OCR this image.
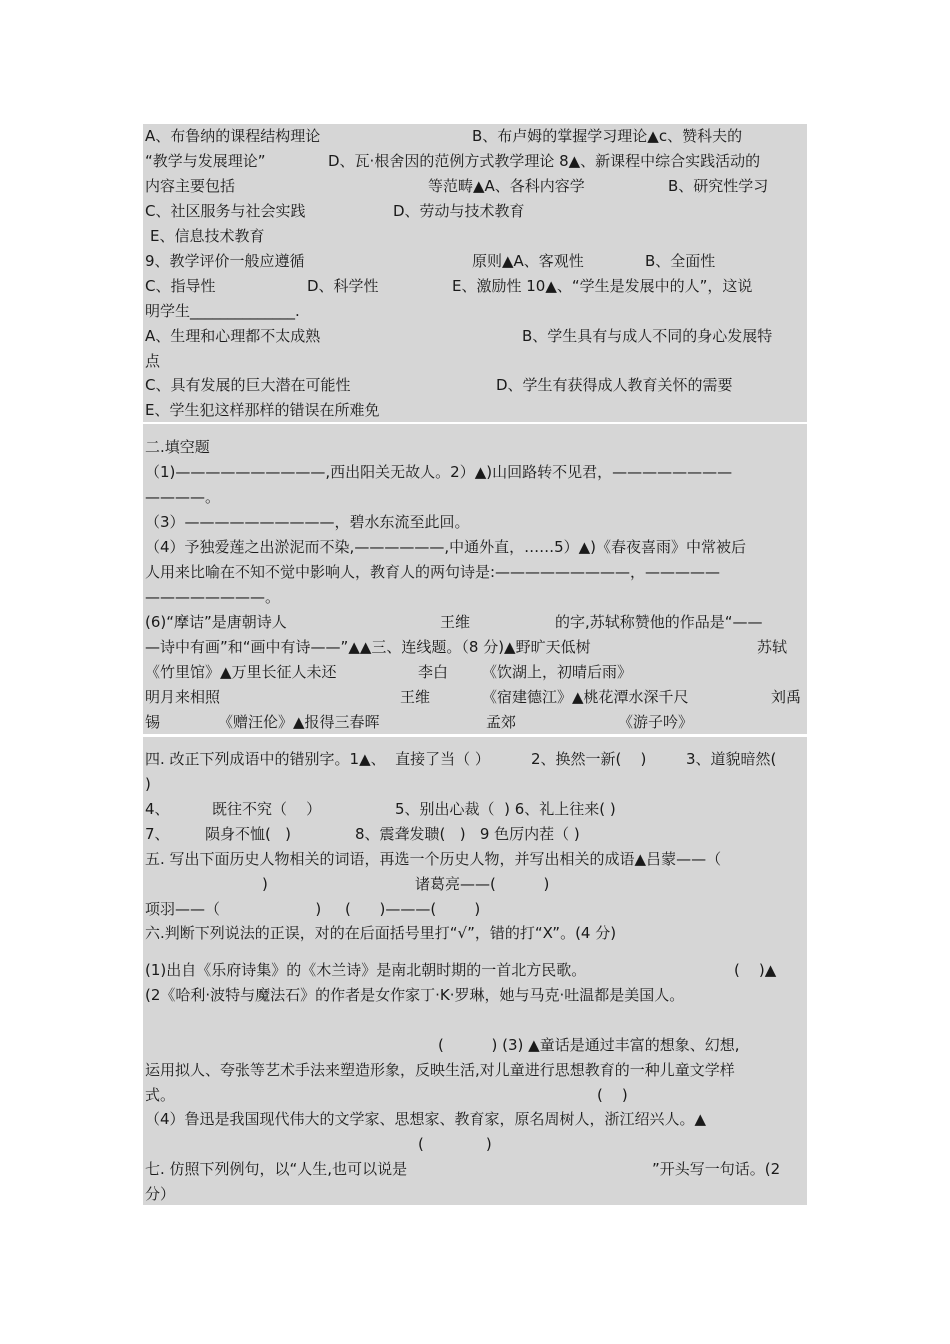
A、布鲁纳的课程结构理论	B、布卢姆的掌握学习理论▲c、赞科夫的
“教学与发展理论”	D、瓦·根舍因的范例方式教学理论 8▲、新课程中综合实践活动的
内容主要包括	等范畴▲A、各科内容学	B、研究性学习
C、社区服务与社会实践	D、劳动与技术教育
E、信息技术教育
9、教学评价一般应遵循	原则▲A、客观性	B、全面性
C、指导性	D、科学性	E、激励性 10▲、“学生是发展中的人”，这说
明学生______________.
A、生理和心理都不太成熟	B、学生具有与成人不同的身心发展特
点
C、具有发展的巨大潜在可能性	D、学生有获得成人教育关怀的需要
E、学生犯这样那样的错误在所难免
二.填空题
（1)——————————,西出阳关无故人。2）▲)山回路转不见君，————————
————。
（3）——————————，碧水东流至此回。
（4）予独爱莲之出淤泥而不染,——————,中通外直，……5）▲)《春夜喜雨》中常被后
人用来比喻在不知不觉中影响人，教育人的两句诗是:—————————，—————
————————。
(6)“摩诘”是唐朝诗人	王维	的字,苏轼称赞他的作品是“——
—诗中有画”和“画中有诗——”▲▲三、连线题。（8 分)▲野旷天低树	苏轼
《竹里馆》▲万里长征人未还	李白 《饮湖上，初晴后雨》
明月来相照	王维	《宿建德江》▲桃花潭水深千尺	刘禹
锡	《赠汪伦》▲报得三春晖	孟郊	《游子吟》
四. 改正下列成语中的错别字。1▲、  直接了当（ ）	2、换然一新(    )	3、道貌暗然(
)
4、	既往不究（    ）	5、别出心裁（  ) 6、礼上往来( )
7、 陨身不恤(   )	8、震聋发聩(   )   9 色厉内茬（ )
五. 写出下面历史人物相关的词语，再选一个历史人物，并写出相关的成语▲吕蒙——（
)	诸葛亮——(          )
项羽——（                    )     (      )———(        )
六.判断下列说法的正误，对的在后面括号里打“√”，错的打“X”。(4 分)
(1)出自《乐府诗集》的《木兰诗》是南北朝时期的一首北方民歌。	(    )▲
(2《哈利·波特与魔法石》的作者是女作家丁·K·罗琳，她与马克·吐温都是美国人。
(          ) (3) ▲童话是通过丰富的想象、幻想,
运用拟人、夸张等艺术手法来塑造形象，反映生活,对儿童进行思想教育的一种儿童文学样
式。	(    )
（4）鲁迅是我国现代伟大的文学家、思想家、教育家，原名周树人，浙江绍兴人。▲
(             )
七. 仿照下列例句，以“人生,也可以说是	”开头写一句话。(2
分）
